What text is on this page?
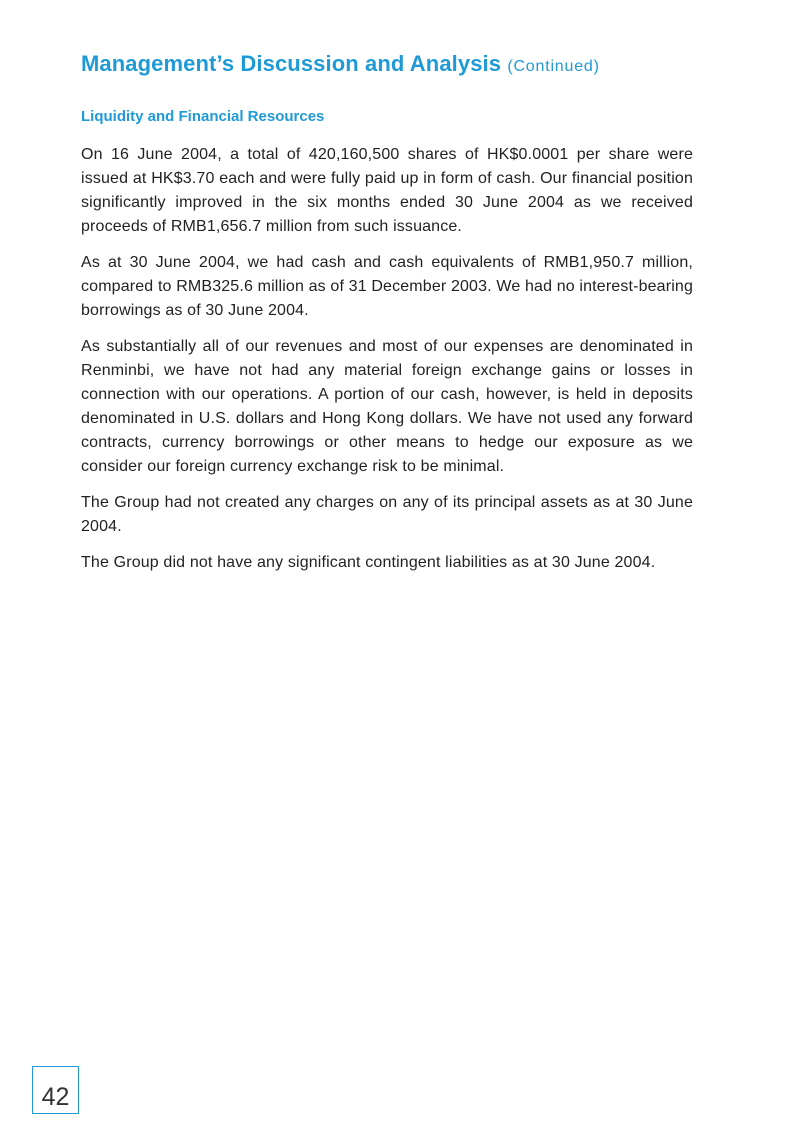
Management’s Discussion and Analysis (Continued)
Liquidity and Financial Resources

On 16 June 2004, a total of 420,160,500 shares of HK$0.0001 per share were issued at HK$3.70 each and were fully paid up in form of cash. Our financial position significantly improved in the six months ended 30 June 2004 as we received proceeds of RMB1,656.7 million from such issuance.

As at 30 June 2004, we had cash and cash equivalents of RMB1,950.7 million, compared to RMB325.6 million as of 31 December 2003. We had no interest-bearing borrowings as of 30 June 2004.

As substantially all of our revenues and most of our expenses are denominated in Renminbi, we have not had any material foreign exchange gains or losses in connection with our operations. A portion of our cash, however, is held in deposits denominated in U.S. dollars and Hong Kong dollars. We have not used any forward contracts, currency borrowings or other means to hedge our exposure as we consider our foreign currency exchange risk to be minimal.

The Group had not created any charges on any of its principal assets as at 30 June 2004.

The Group did not have any significant contingent liabilities as at 30 June 2004.

42
